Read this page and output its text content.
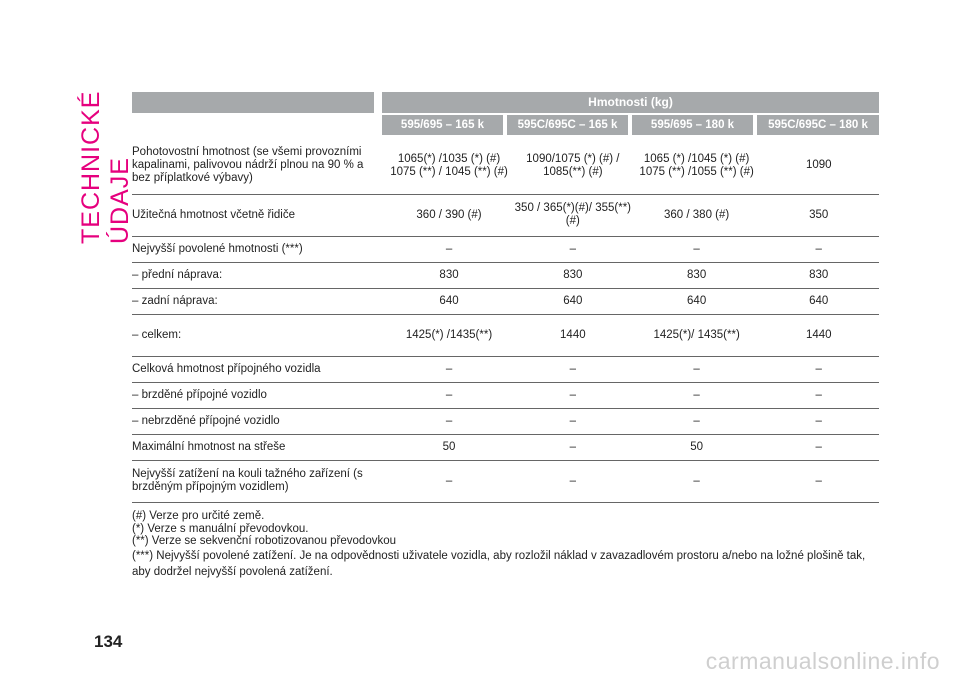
TECHNICKÉ ÚDAJE
Hmotnosti (kg)
595/695 – 165 k	595C/695C – 165 k	595/695 – 180 k	595C/695C – 180 k
Pohotovostní hmotnost (se všemi provozními kapalinami, palivovou nádrží plnou na 90 % a bez příplatkové výbavy)	1065(*) /1035 (*) (#) 1075 (**) / 1045 (**) (#)	1090/1075 (*) (#) / 1085(**) (#)	1065 (*) /1045 (*) (#) 1075 (**) /1055 (**) (#)	1090
Užitečná hmotnost včetně řidiče	360 / 390 (#)	350 / 365(*)(#)/ 355(**) (#)	360 / 380 (#)	350
Nejvyšší povolené hmotnosti (***)	–	–	–	–
– přední náprava:	830	830	830	830
– zadní náprava:	640	640	640	640
– celkem:	1425(*) /1435(**)	1440	1425(*)/ 1435(**)	1440
Celková hmotnost přípojného vozidla	–	–	–	–
– brzděné přípojné vozidlo	–	–	–	–
– nebrzděné přípojné vozidlo	–	–	–	–
Maximální hmotnost na střeše	50	–	50	–
Nejvyšší zatížení na kouli tažného zařízení (s brzděným přípojným vozidlem)	–	–	–	–
(#) Verze pro určité země.
(*) Verze s manuální převodovkou.
(**) Verze se sekvenční robotizovanou převodovkou
(***) Nejvyšší povolené zatížení. Je na odpovědnosti uživatele vozidla, aby rozložil náklad v zavazadlovém prostoru a/nebo na ložné plošině tak, aby dodržel nejvyšší povolená zatížení.
134
carmanualsonline.info
